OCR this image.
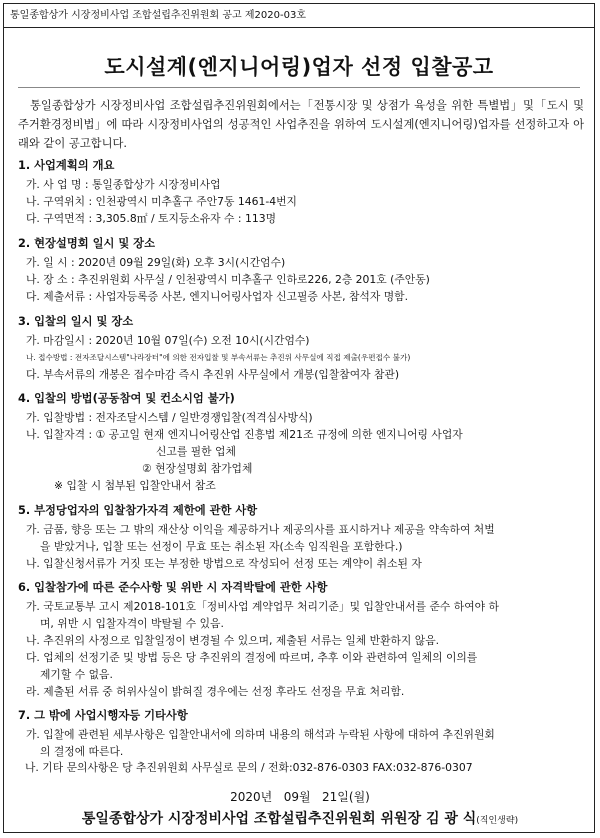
통일종합상가 시장정비사업 조합설립추진위원회 공고 제2020-03호
도시설계(엔지니어링)업자 선정 입찰공고
통일종합상가 시장정비사업 조합설립추진위원회에서는「전통시장 및 상점가 육성을 위한 특별법」및「도시 및 주거환경정비법」에 따라 시장정비사업의 성공적인 사업추진을 위하여 도시설계(엔지니어링)업자를 선정하고자 아래와 같이 공고합니다.
1. 사업계획의 개요
가. 사 업 명 : 통일종합상가 시장정비사업
나. 구역위치 : 인천광역시 미추홀구 주안7동 1461-4번지
다. 구역면적 : 3,305.8㎡ / 토지등소유자 수 : 113명
2. 현장설명회 일시 및 장소
가. 일 시 : 2020년 09월 29일(화) 오후 3시(시간엄수)
나. 장 소 : 추진위원회 사무실 / 인천광역시 미추홀구 인하로226, 2층 201호 (주안동)
다. 제출서류 : 사업자등록증 사본, 엔지니어링사업자 신고필증 사본, 참석자 명함.
3. 입찰의 일시 및 장소
가. 마감일시 : 2020년 10월 07일(수) 오전 10시(시간엄수)
나. 접수방법 : 전자조달시스템"나라장터"에 의한 전자입찰 및 부속서류는 추진위 사무실에 직접 제출(우편접수 불가)
다. 부속서류의 개봉은 접수마감 즉시 추진위 사무실에서 개봉(입찰참여자 참관)
4. 입찰의 방법(공동참여 및 컨소시엄 불가)
가. 입찰방법 : 전자조달시스템 / 일반경쟁입찰(적격심사방식)
나. 입찰자격 : ① 공고일 현재 엔지니어링산업 진흥법 제21조 규정에 의한 엔지니어링 사업자
신고를 필한 업체
② 현장설명회 참가업체
※ 입찰 시 첨부된 입찰안내서 참조
5. 부정당업자의 입찰참가자격 제한에 관한 사항
가. 금품, 향응 또는 그 밖의 재산상 이익을 제공하거나 제공의사를 표시하거나 제공을 약속하여 처벌
을 받았거나, 입찰 또는 선정이 무효 또는 취소된 자(소속 임직원을 포함한다.)
나. 입찰신청서류가 거짓 또는 부정한 방법으로 작성되어 선정 또는 계약이 취소된 자
6. 입찰참가에 따른 준수사항 및 위반 시 자격박탈에 관한 사항
가. 국토교통부 고시 제2018-101호「정비사업 계약업무 처리기준」및 입찰안내서를 준수 하여야 하
며, 위반 시 입찰자격이 박탈될 수 있음.
나. 추진위의 사정으로 입찰일정이 변경될 수 있으며, 제출된 서류는 일체 반환하지 않음.
다. 업체의 선정기준 및 방법 등은 당 추진위의 결정에 따르며, 추후 이와 관련하여 일체의 이의를
제기할 수 없음.
라. 제출된 서류 중 허위사실이 밝혀질 경우에는 선정 후라도 선정을 무효 처리함.
7. 그 밖에 사업시행자등 기타사항
가. 입찰에 관련된 세부사항은 입찰안내서에 의하며 내용의 해석과 누락된 사항에 대하여 추진위원회
의 결정에 따른다.
나. 기타 문의사항은 당 추진위원회 사무실로 문의 / 전화:032-876-0303 FAX:032-876-0307
2020년   09월   21일(월)
통일종합상가 시장정비사업 조합설립추진위원회 위원장 김 광 식(직인생략)
